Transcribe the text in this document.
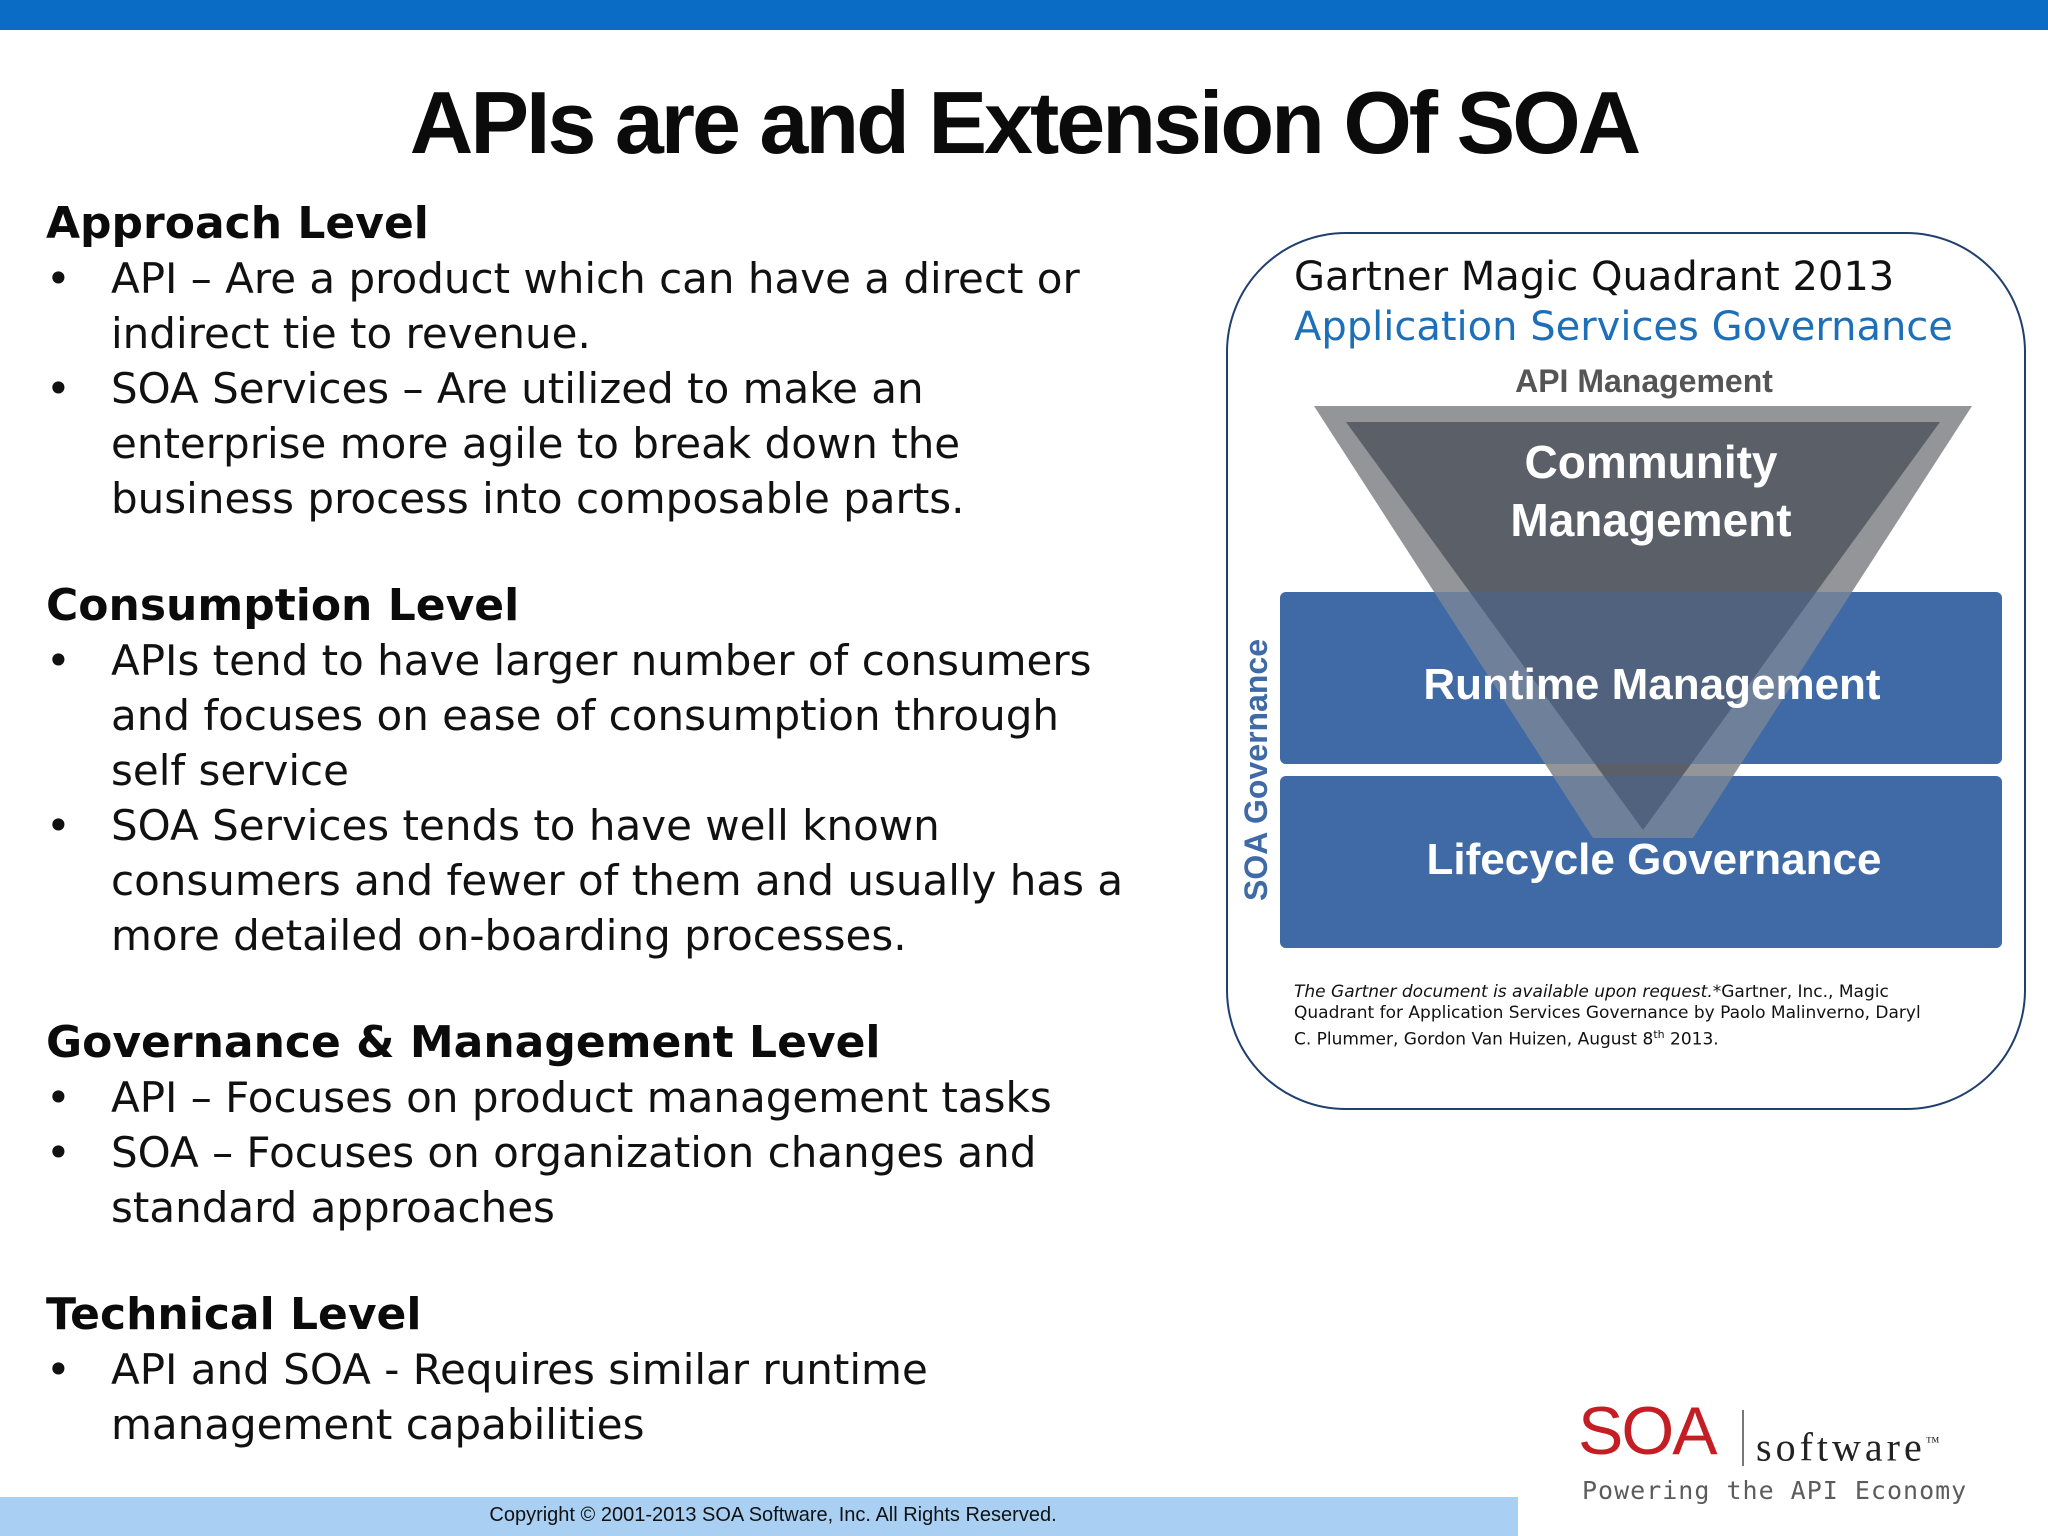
APIs are and Extension Of SOA
Approach Level
• API – Are a product which can have a direct or
indirect tie to revenue.
• SOA Services – Are utilized to make an
enterprise more agile to break down the
business process into composable parts.
Consumption Level
• APIs tend to have larger number of consumers
and focuses on ease of consumption through
self service
• SOA Services tends to have well known
consumers and fewer of them and usually has a
more detailed on-boarding processes.
Governance & Management Level
• API – Focuses on product management tasks
• SOA – Focuses on organization changes and
standard approaches
Technical Level
• API and SOA - Requires similar runtime
management capabilities
Gartner Magic Quadrant 2013
Application Services Governance
API Management
Community
Management
Runtime Management
Lifecycle Governance
SOA Governance
The Gartner document is available upon request.*Gartner, Inc., Magic Quadrant for Application Services Governance by Paolo Malinverno, Daryl C. Plummer, Gordon Van Huizen, August 8th 2013.
Copyright © 2001-2013 SOA Software, Inc. All Rights Reserved.
SOA software™
Powering the API Economy
